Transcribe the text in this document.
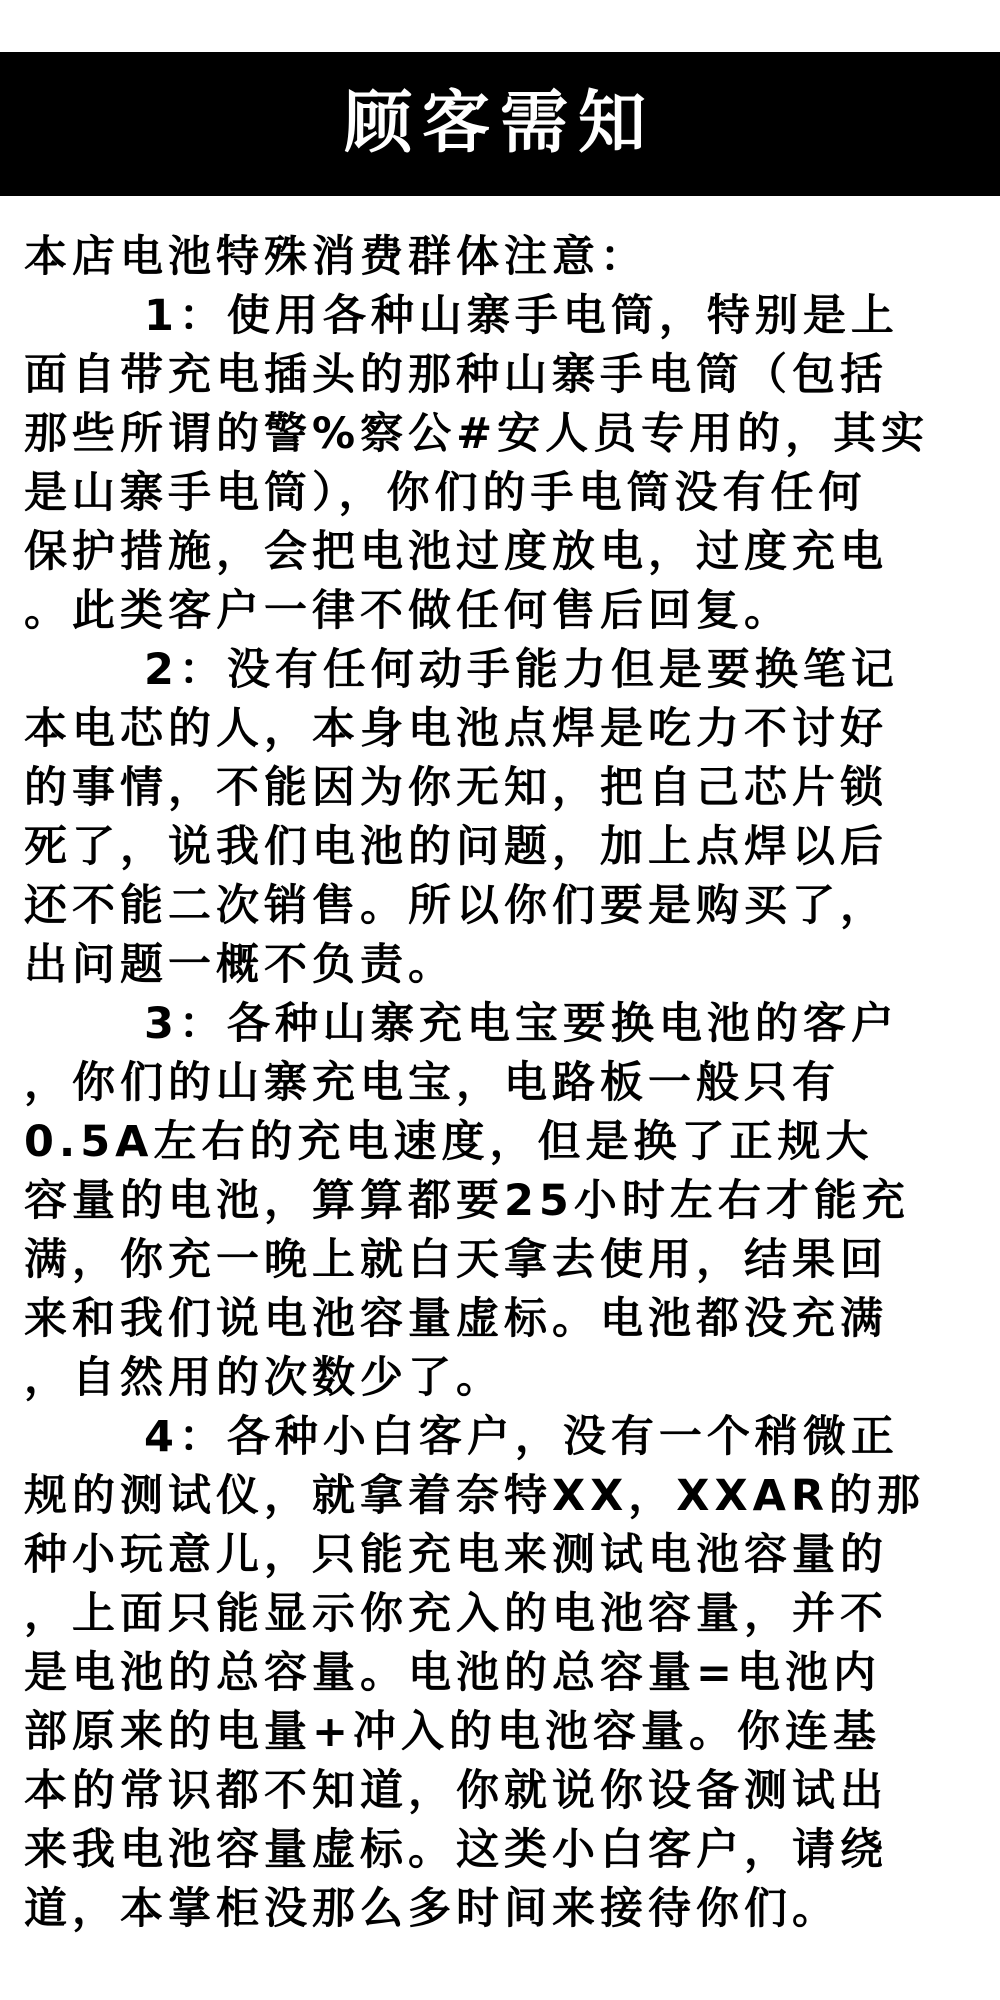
顾客需知

本店电池特殊消费群体注意：

1：使用各种山寨手电筒，特别是上
面自带充电插头的那种山寨手电筒（包括
那些所谓的警%察公#安人员专用的，其实
是山寨手电筒），你们的手电筒没有任何
保护措施，会把电池过度放电，过度充电
。此类客户一律不做任何售后回复。
2：没有任何动手能力但是要换笔记
本电芯的人，本身电池点焊是吃力不讨好
的事情，不能因为你无知，把自己芯片锁
死了，说我们电池的问题，加上点焊以后
还不能二次销售。所以你们要是购买了，
出问题一概不负责。
3：各种山寨充电宝要换电池的客户
，你们的山寨充电宝，电路板一般只有
0.5A左右的充电速度，但是换了正规大
容量的电池，算算都要25小时左右才能充
满，你充一晚上就白天拿去使用，结果回
来和我们说电池容量虚标。电池都没充满
，自然用的次数少了。
4：各种小白客户，没有一个稍微正
规的测试仪，就拿着奈特XX，XXAR的那
种小玩意儿，只能充电来测试电池容量的
，上面只能显示你充入的电池容量，并不
是电池的总容量。电池的总容量=电池内
部原来的电量+冲入的电池容量。你连基
本的常识都不知道，你就说你设备测试出
来我电池容量虚标。这类小白客户，请绕
道，本掌柜没那么多时间来接待你们。
